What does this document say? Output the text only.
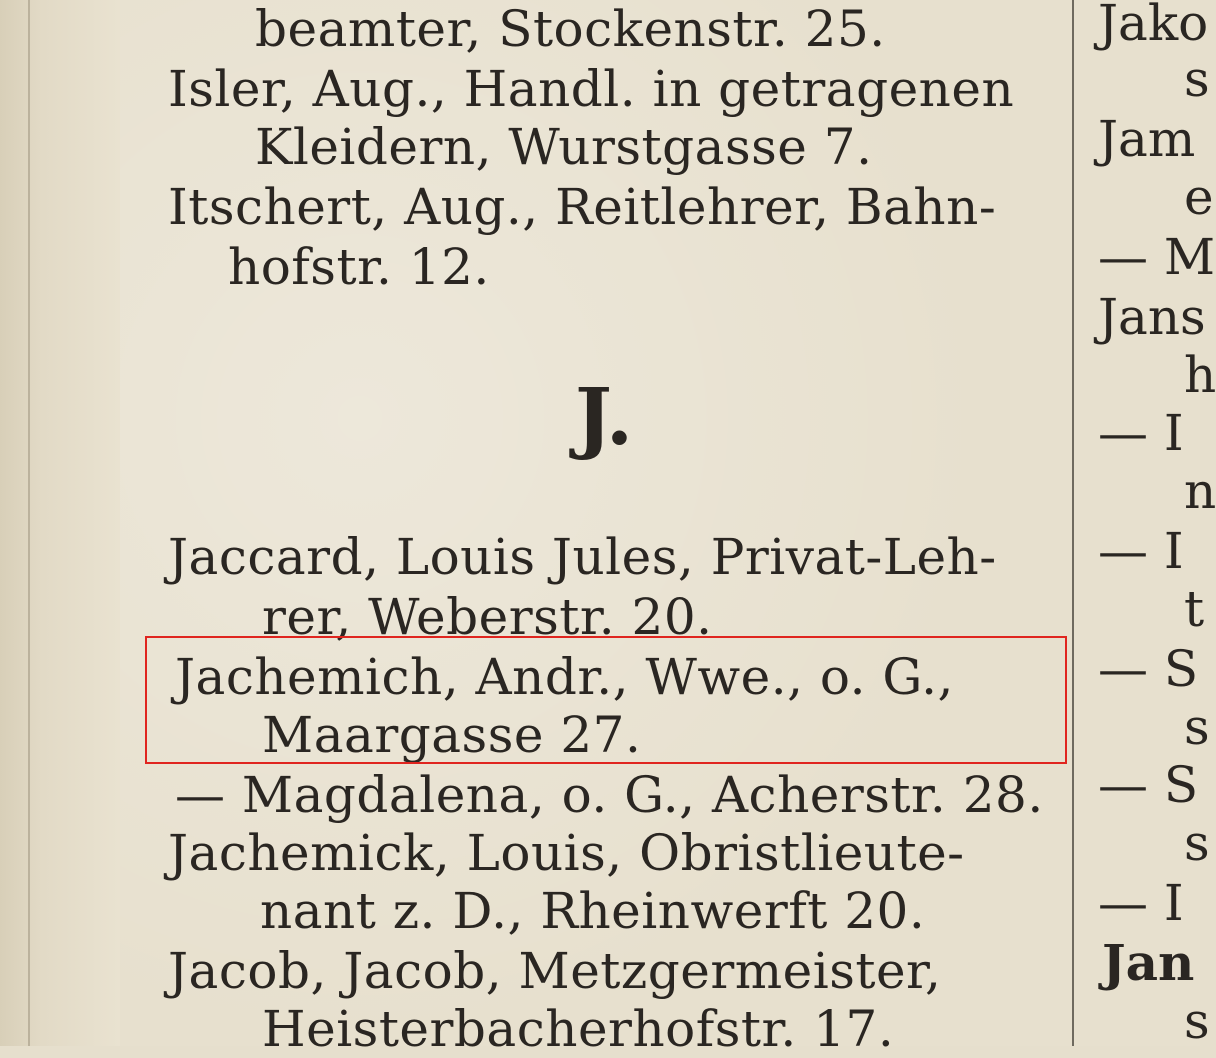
beamter, Stockenstr. 25.
Isler, Aug., Handl. in getragenen
Kleidern, Wurstgasse 7.
Itschert, Aug., Reitlehrer, Bahn-
hofstr. 12.
J.
Jaccard, Louis Jules, Privat-Leh-
rer, Weberstr. 20.
Jachemich, Andr., Wwe., o. G.,
Maargasse 27.
— Magdalena, o. G., Acherstr. 28.
Jachemick, Louis, Obristlieute-
nant z. D., Rheinwerft 20.
Jacob, Jacob, Metzgermeister,
Heisterbacherhofstr. 17.
Jako
s
Jam
e
— M
Jans
h
— I
n
— I
t
— S
s
— S
s
— I
Jan
s
